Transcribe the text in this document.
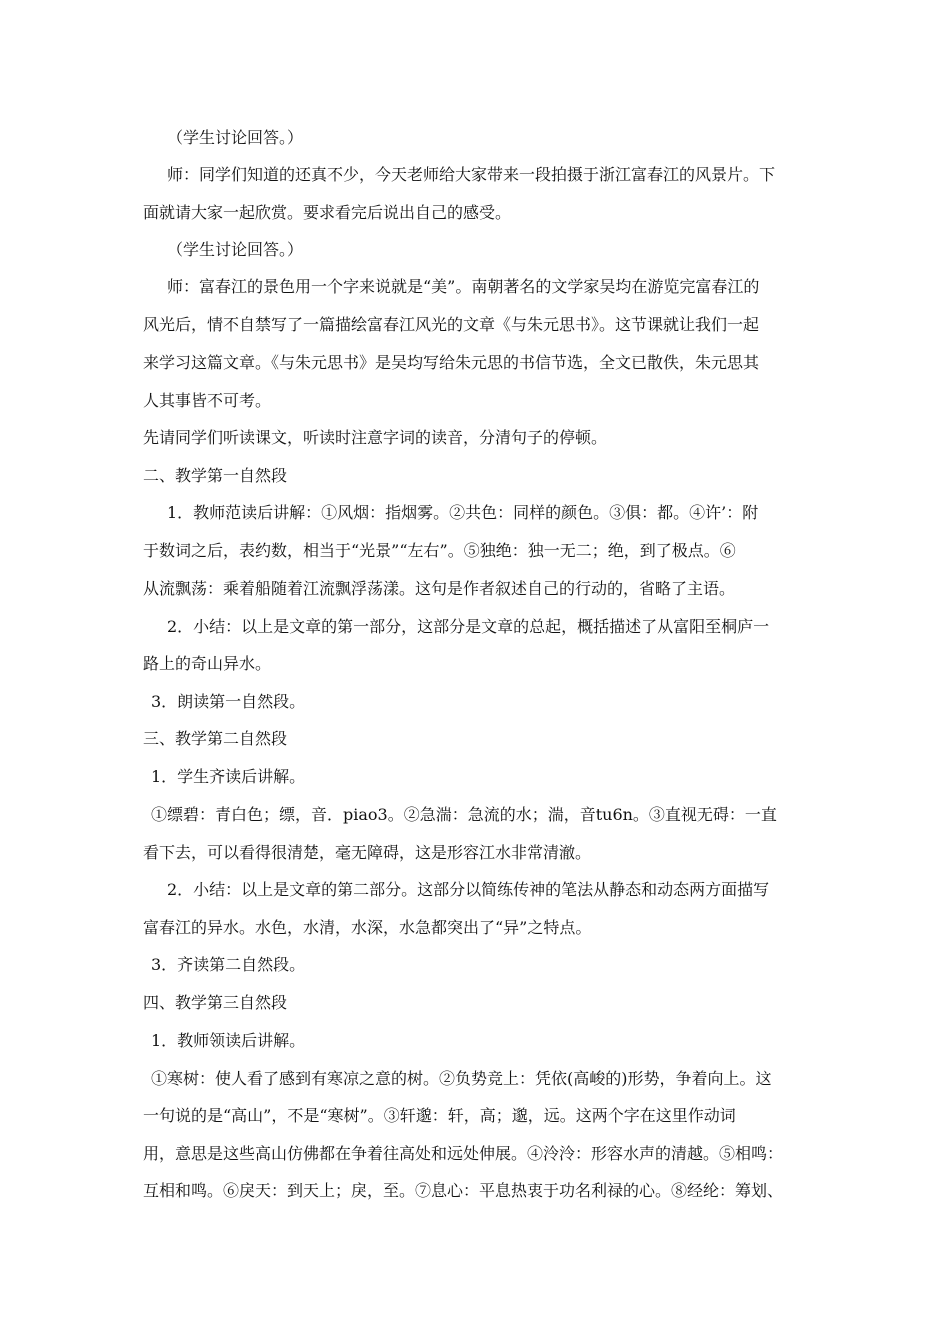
（学生讨论回答。）
师：同学们知道的还真不少，今天老师给大家带来一段拍摄于浙江富春江的风景片。下
面就请大家一起欣赏。要求看完后说出自己的感受。
（学生讨论回答。）
师：富春江的景色用一个字来说就是“美”。南朝著名的文学家吴均在游览完富春江的
风光后，情不自禁写了一篇描绘富春江风光的文章《与朱元思书》。这节课就让我们一起
来学习这篇文章。《与朱元思书》是吴均写给朱元思的书信节选，全文已散佚，朱元思其
人其事皆不可考。
先请同学们听读课文，听读时注意字词的读音，分清句子的停顿。
二、教学第一自然段
1．教师范读后讲解：①风烟：指烟雾。②共色：同样的颜色。③俱：都。④许’：附
于数词之后，表约数，相当于“光景”“左右”。⑤独绝：独一无二；绝，到了极点。⑥
从流飘荡：乘着船随着江流飘浮荡漾。这句是作者叙述自己的行动的，省略了主语。
2．小结：以上是文章的第一部分，这部分是文章的总起，概括描述了从富阳至桐庐一
路上的奇山异水。
3．朗读第一自然段。
三、教学第二自然段
1．学生齐读后讲解。
①缥碧：青白色；缥，音．piao3。②急湍：急流的水；湍，音tu6n。③直视无碍：一直
看下去，可以看得很清楚，毫无障碍，这是形容江水非常清澈。
2．小结：以上是文章的第二部分。这部分以简练传神的笔法从静态和动态两方面描写
富春江的异水。水色，水清，水深，水急都突出了“异”之特点。
3．齐读第二自然段。
四、教学第三自然段
1．教师领读后讲解。
①寒树：使人看了感到有寒凉之意的树。②负势竞上：凭依(高峻的)形势，争着向上。这
一句说的是“高山”，不是“寒树”。③轩邈：轩，高；邈，远。这两个字在这里作动词
用，意思是这些高山仿佛都在争着往高处和远处伸展。④泠泠：形容水声的清越。⑤相鸣：
互相和鸣。⑥戾天：到天上；戾，至。⑦息心：平息热衷于功名利禄的心。⑧经纶：筹划、
